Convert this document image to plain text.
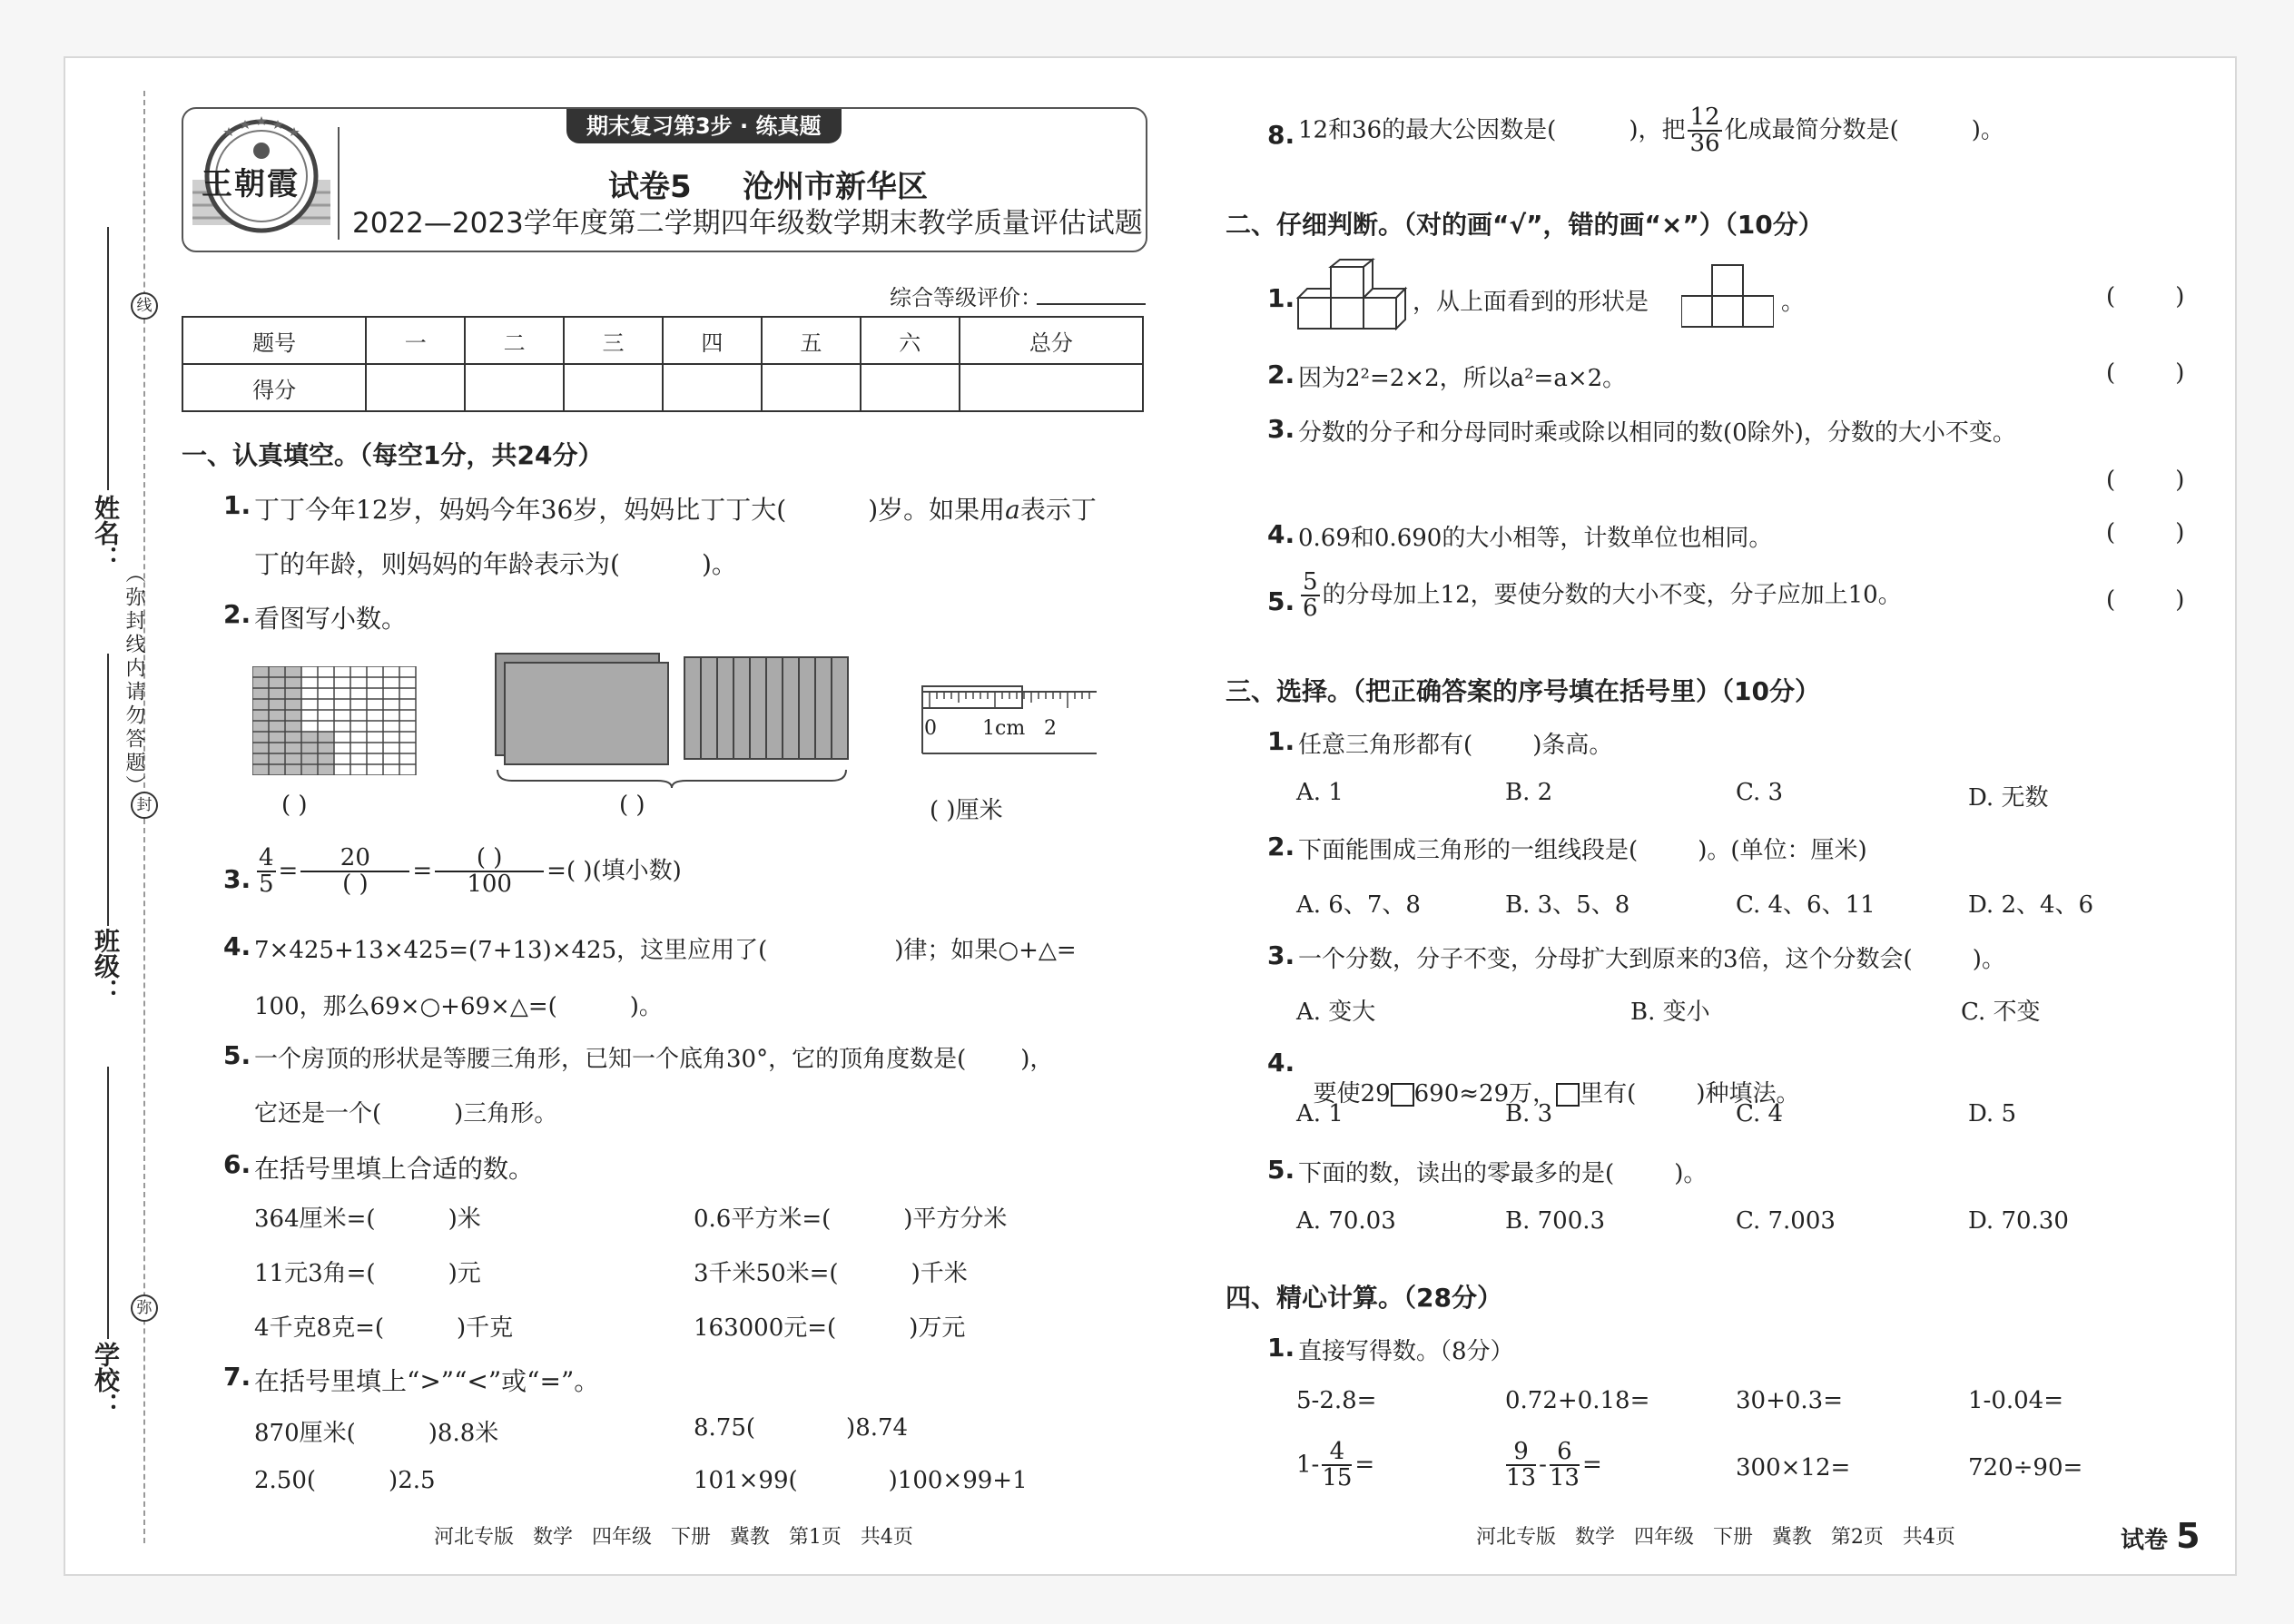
线
封
弥
（弥封线内请勿答题）
姓名：
班级：
学校：
王朝霞
期末复习第3步 · 练真题
试卷5 沧州市新华区
2022—2023学年度第二学期四年级数学期末教学质量评估试题
综合等级评价：
题号	一	二	三	四	五	六	总分
得分							
一、认真填空。（每空1分，共24分）
1. 丁丁今年12岁，妈妈今年36岁，妈妈比丁丁大(	)岁。如果用a表示丁
丁的年龄，则妈妈的年龄表示为(	)。
2. 看图写小数。
( )	( )
0 1cm 2
( )厘米
3. $\frac{4}{5} = \frac{20}{( )} = \frac{( )}{100}$ =( )(填小数)
4. 7×425+13×425=(7+13)×425，这里应用了(	)律；如果○+△=
100，那么69×○+69×△=(	)。
5. 一个房顶的形状是等腰三角形，已知一个底角30°，它的顶角度数是( )，
它还是一个(	)三角形。
6. 在括号里填上合适的数。
364厘米=(	)米	0.6平方米=(	)平方分米
11元3角=(	)元	3千米50米=(	)千米
4千克8克=(	)千克	163000元=(	)万元
7. 在括号里填上“>”“<”或“=”。
870厘米(	)8.8米	8.75(	)8.74
2.50(	)2.5	101×99(	)100×99+1
河北专版   数学   四年级   下册   冀教   第1页   共4页
8. 12和36的最大公因数是(	)，把 $\frac{12}{36}$ 化成最简分数是(	)。
二、仔细判断。（对的画“√”，错的画“×”）（10分）
1.	，从上面看到的形状是	。	(        )
2. 因为2²=2×2，所以a²=a×2。	(        )
3. 分数的分子和分母同时乘或除以相同的数(0除外)，分数的大小不变。
(        )
4. 0.69和0.690的大小相等，计数单位也相同。	(        )
5. $\frac{5}{6}$ 的分母加上12，要使分数的大小不变，分子应加上10。	(        )
三、选择。（把正确答案的序号填在括号里）（10分）
1. 任意三角形都有(        )条高。
A. 1	B. 2	C. 3	D. 无数
2. 下面能围成三角形的一组线段是(        )。(单位：厘米)
A. 6、7、8	B. 3、5、8	C. 4、6、11	D. 2、4、6
3. 一个分数，分子不变，分母扩大到原来的3倍，这个分数会(        )。
A. 变大	B. 变小	C. 不变
4.

要使29 690≈29万， 里有(        )种填法。

A. 1	B. 3	C. 4	D. 5
5. 下面的数，读出的零最多的是(        )。
A. 70.03	B. 700.3	C. 7.003	D. 70.30
四、精心计算。（28分）
1. 直接写得数。（8分）
5-2.8=	0.72+0.18=	30+0.3=	1-0.04=
$1- \frac{4}{15}$ =	$\frac{9}{13} - \frac{6}{13}$ =	300×12=	720÷90=
河北专版   数学   四年级   下册   冀教   第2页   共4页	试卷 5
